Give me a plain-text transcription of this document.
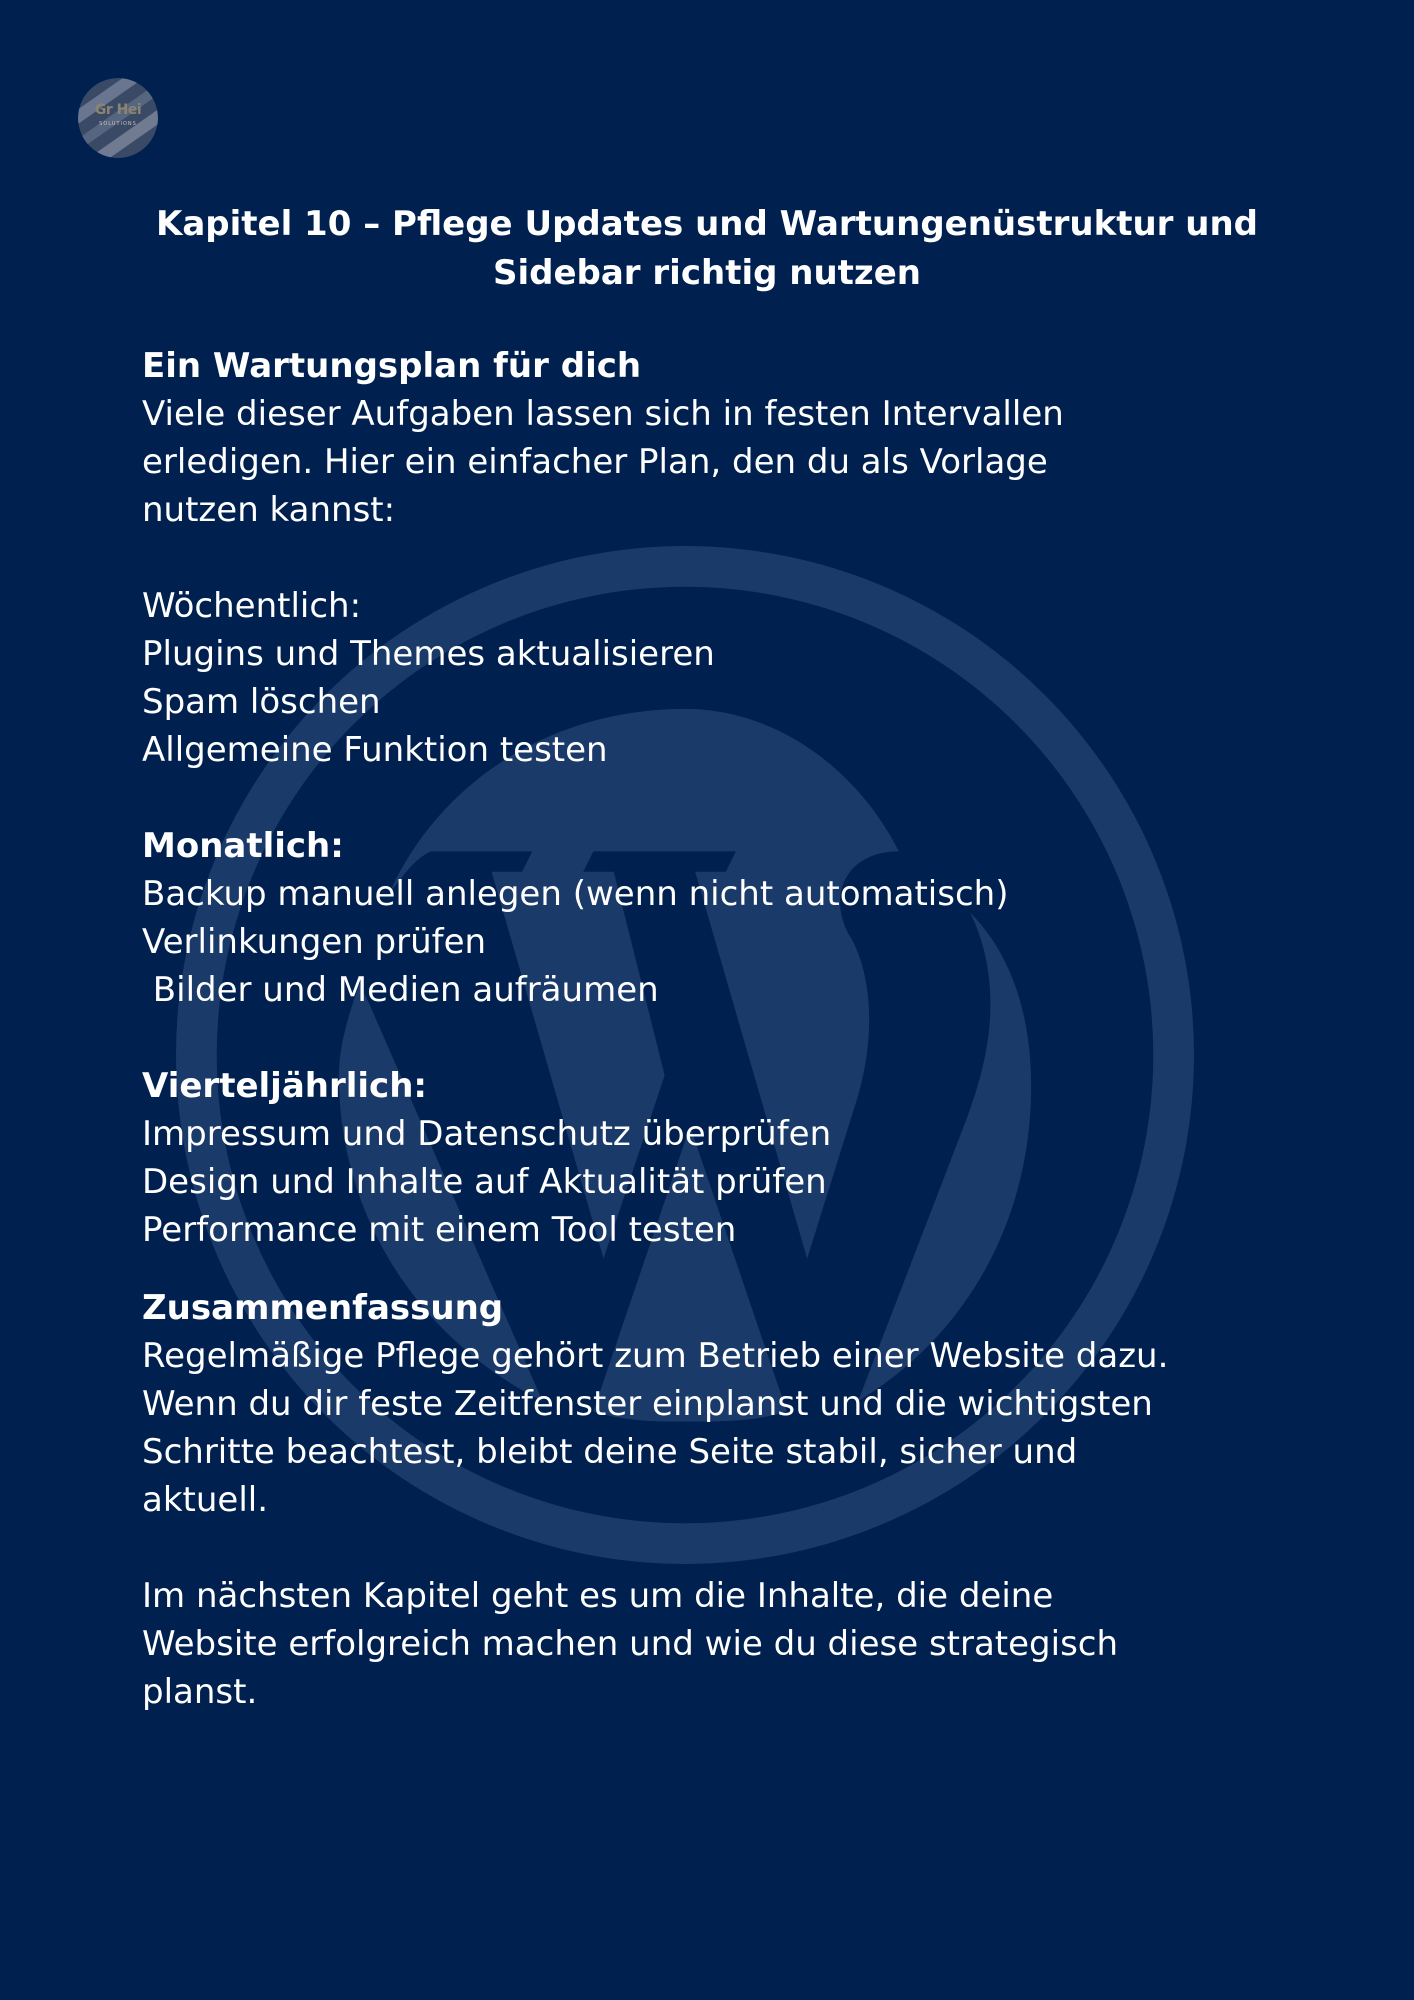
Gr Hei
SOLUTIONS
Kapitel 10 – Pflege Updates und Wartungenüstruktur und
Sidebar richtig nutzen

Ein Wartungsplan für dich

Viele dieser Aufgaben lassen sich in festen Intervallen

erledigen. Hier ein einfacher Plan, den du als Vorlage

nutzen kannst:

Wöchentlich:

Plugins und Themes aktualisieren

Spam löschen

Allgemeine Funktion testen

Monatlich:

Backup manuell anlegen (wenn nicht automatisch)

Verlinkungen prüfen

Bilder und Medien aufräumen

Vierteljährlich:

Impressum und Datenschutz überprüfen

Design und Inhalte auf Aktualität prüfen

Performance mit einem Tool testen

Zusammenfassung

Regelmäßige Pflege gehört zum Betrieb einer Website dazu.

Wenn du dir feste Zeitfenster einplanst und die wichtigsten

Schritte beachtest, bleibt deine Seite stabil, sicher und

aktuell.

Im nächsten Kapitel geht es um die Inhalte, die deine

Website erfolgreich machen und wie du diese strategisch

planst.
